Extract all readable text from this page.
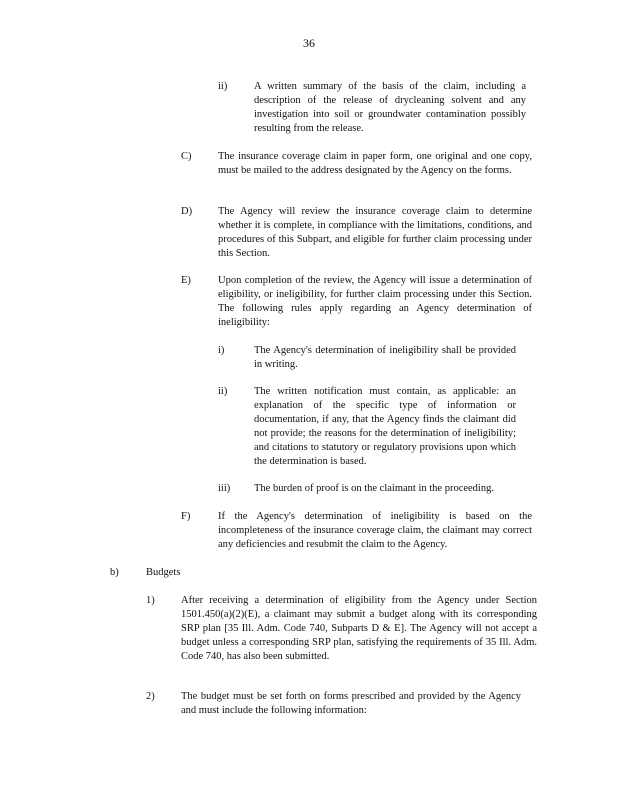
36
ii)	A written summary of the basis of the claim, including a description of the release of drycleaning solvent and any investigation into soil or groundwater contamination possibly resulting from the release.
C)	The insurance coverage claim in paper form, one original and one copy, must be mailed to the address designated by the Agency on the forms.
D) The Agency will review the insurance coverage claim to determine whether it is complete, in compliance with the limitations, conditions, and procedures of this Subpart, and eligible for further claim processing under this Section.
E)	Upon completion of the review, the Agency will issue a determination of eligibility, or ineligibility, for further claim processing under this Section. The following rules apply regarding an Agency determination of ineligibility:
i)	The Agency's determination of ineligibility shall be provided in writing.
ii)	The written notification must contain, as applicable: an explanation of the specific type of information or documentation, if any, that the Agency finds the claimant did not provide; the reasons for the determination of ineligibility; and citations to statutory or regulatory provisions upon which the determination is based.
iii) The burden of proof is on the claimant in the proceeding.
F)	If the Agency's determination of ineligibility is based on the incompleteness of the insurance coverage claim, the claimant may correct any deficiencies and resubmit the claim to the Agency.
b)	Budgets
1)	After receiving a determination of eligibility from the Agency under Section 1501.450(a)(2)(E), a claimant may submit a budget along with its corresponding SRP plan [35 Ill. Adm. Code 740, Subparts D & E]. The Agency will not accept a budget unless a corresponding SRP plan, satisfying the requirements of 35 Ill. Adm. Code 740, has also been submitted.
2)	The budget must be set forth on forms prescribed and provided by the Agency and must include the following information:
